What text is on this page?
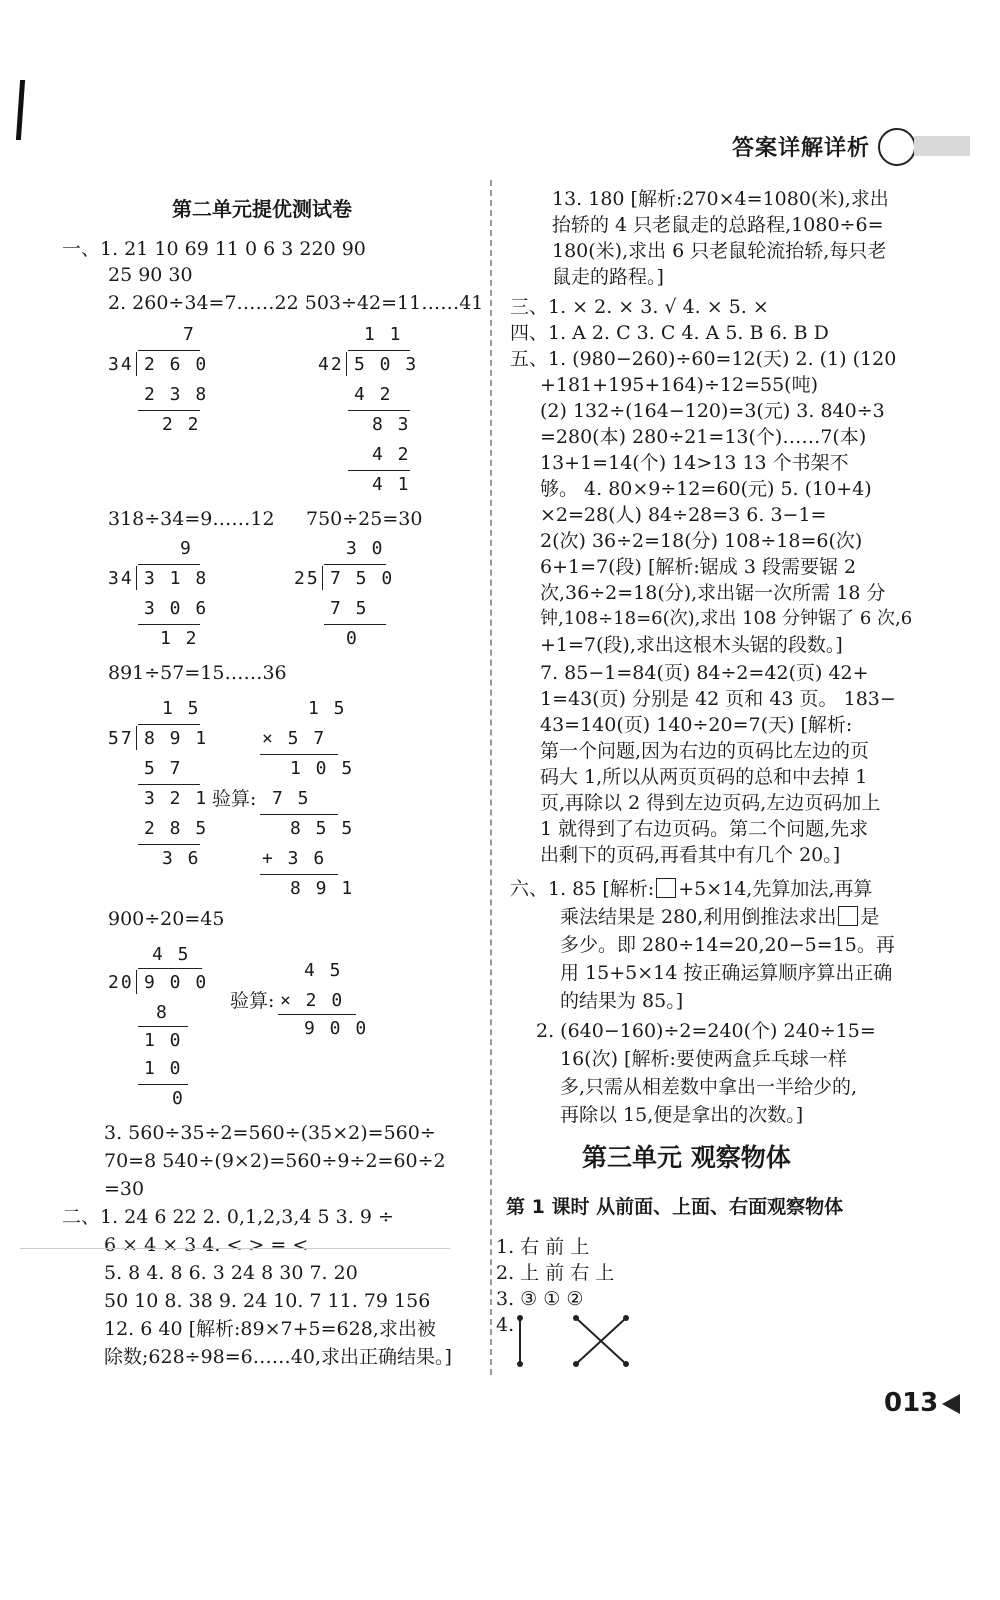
答案详解详析
第二单元提优测试卷
一、1. 21 10 69 11 0 6 3 220 90
25 90 30
2. 260÷34=7……22 503÷42=11……41
7
34 2 6 0
2 3 8
2 2
1 1
42 5 0 3
4 2
8 3
4 2
4 1
318÷34=9……12 750÷25=30
9
34 3 1 8
3 0 6
1 2
3 0
25 7 5 0
7 5
0
891÷57=15……36
1 5
57 8 9 1
5 7
3 2 1
2 8 5
3 6
1 5
× 5 7
1 0 5
验算: 7 5
8 5 5
+ 3 6
8 9 1
900÷20=45
4 5
20 9 0 0
8
1 0
1 0
0
4 5
验算: × 2 0
9 0 0
3. 560÷35÷2=560÷(35×2)=560÷
70=8 540÷(9×2)=560÷9÷2=60÷2
=30
二、1. 24 6 22 2. 0,1,2,3,4 5 3. 9 ÷
6 × 4 × 3 4. < > = <
5. 8 4. 8 6. 3 24 8 30 7. 20
50 10 8. 38 9. 24 10. 7 11. 79 156
12. 6 40 [解析:89×7+5=628,求出被
除数;628÷98=6……40,求出正确结果。]
13. 180 [解析:270×4=1080(米),求出
抬轿的 4 只老鼠走的总路程,1080÷6=
180(米),求出 6 只老鼠轮流抬轿,每只老
鼠走的路程。]
三、1. × 2. × 3. √ 4. × 5. ×
四、1. A 2. C 3. C 4. A 5. B 6. B D
五、1. (980−260)÷60=12(天) 2. (1) (120
+181+195+164)÷12=55(吨)
(2) 132÷(164−120)=3(元) 3. 840÷3
=280(本) 280÷21=13(个)……7(本)
13+1=14(个) 14>13 13 个书架不
够。 4. 80×9÷12=60(元) 5. (10+4)
×2=28(人) 84÷28=3 6. 3−1=
2(次) 36÷2=18(分) 108÷18=6(次)
6+1=7(段) [解析:锯成 3 段需要锯 2
次,36÷2=18(分),求出锯一次所需 18 分
钟,108÷18=6(次),求出 108 分钟锯了 6 次,6
+1=7(段),求出这根木头锯的段数。]
7. 85−1=84(页) 84÷2=42(页) 42+
1=43(页) 分别是 42 页和 43 页。 183−
43=140(页) 140÷20=7(天) [解析:
第一个问题,因为右边的页码比左边的页
码大 1,所以从两页页码的总和中去掉 1
页,再除以 2 得到左边页码,左边页码加上
1 就得到了右边页码。第二个问题,先求
出剩下的页码,再看其中有几个 20。]
六、1. 85 [解析: +5×14,先算加法,再算
乘法结果是 280,利用倒推法求出 是
多少。即 280÷14=20,20−5=15。再
用 15+5×14 按正确运算顺序算出正确
的结果为 85。]
2. (640−160)÷2=240(个) 240÷15=
16(次) [解析:要使两盒乒乓球一样
多,只需从相差数中拿出一半给少的,
再除以 15,便是拿出的次数。]
第三单元 观察物体
第 1 课时 从前面、上面、右面观察物体
1. 右 前 上
2. 上 前 右 上
3. ③ ① ②
4.
013
